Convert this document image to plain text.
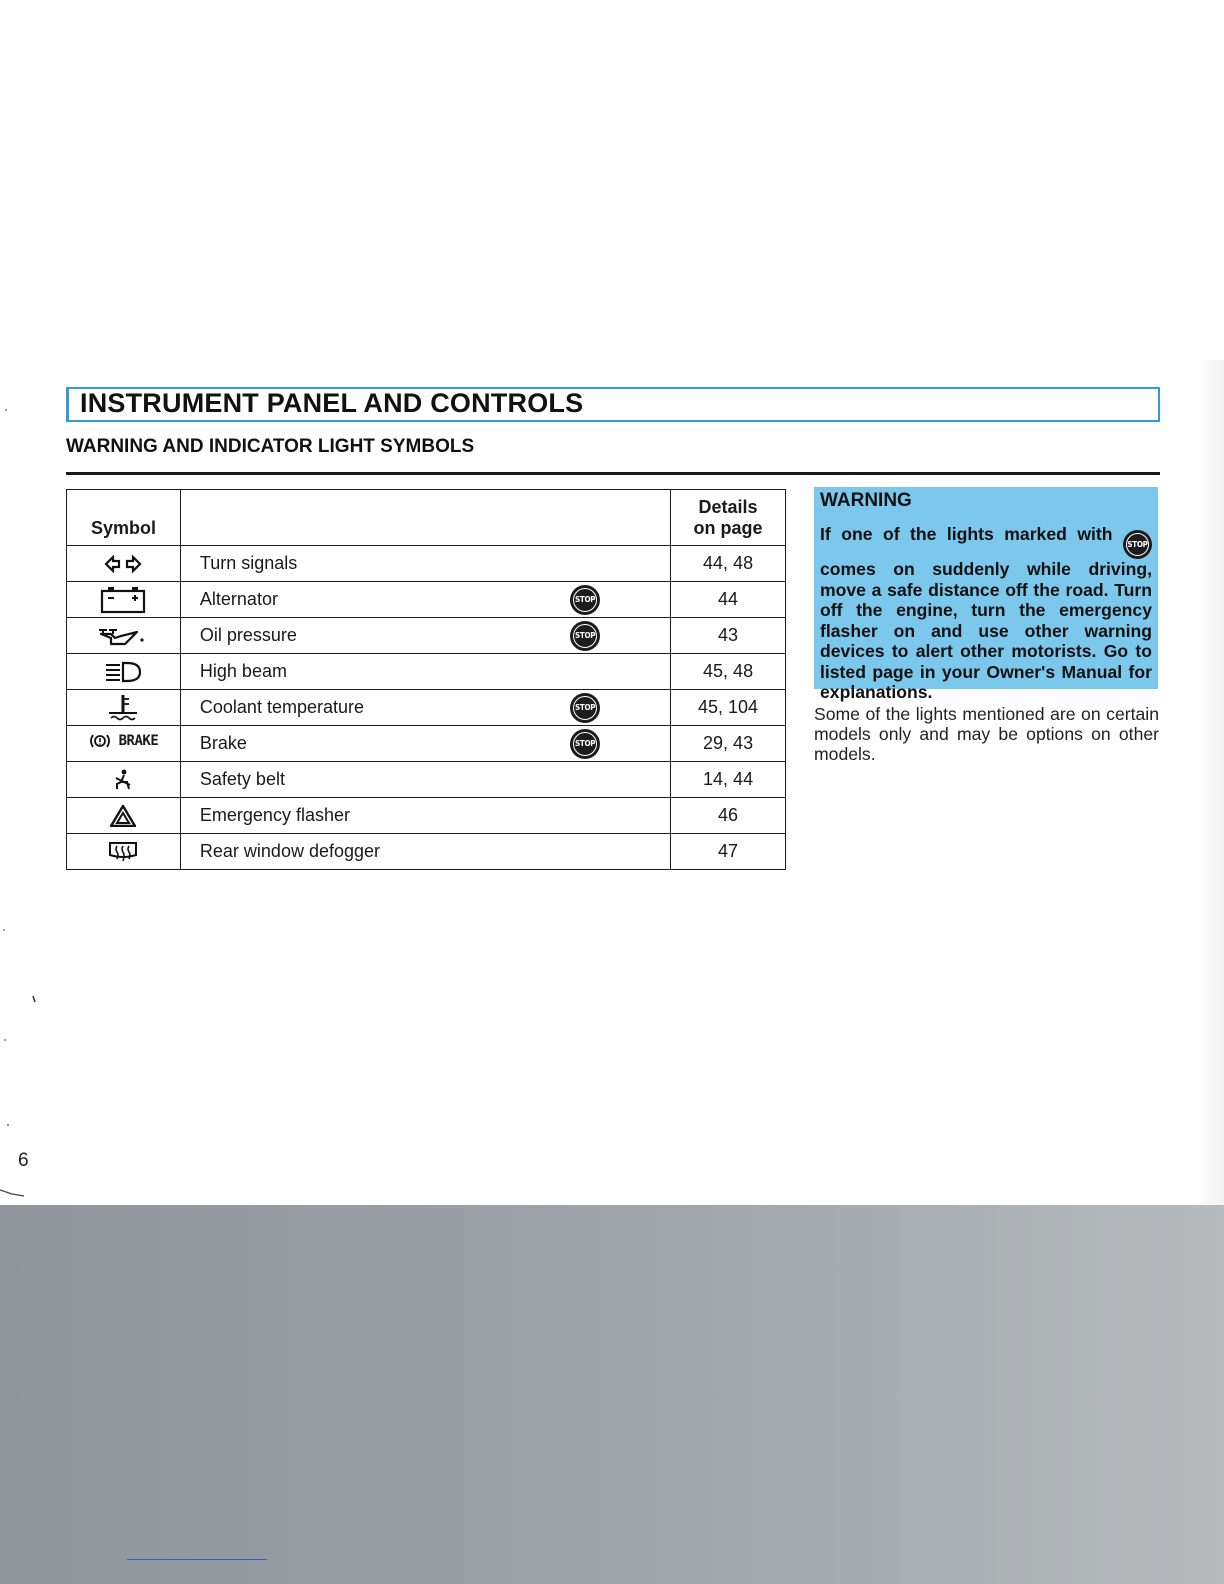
INSTRUMENT PANEL AND CONTROLS
WARNING AND INDICATOR LIGHT SYMBOLS
Symbol		Details
on page

	Turn signals	44, 48

	Alternator STOP	44

	Oil pressure STOP	43

	High beam	45, 48

	Coolant temperature STOP	45, 104

BRAKE	Brake STOP	29, 43

	Safety belt	14, 44

	Emergency flasher	46

	Rear window defogger	47
WARNING
If one of the lights marked with STOP comes on suddenly while driving, move a safe distance off the road. Turn off the engine, turn the emergency flasher on and use other warning devices to alert other motorists. Go to listed page in your Owner's Manual for explanations.
Some of the lights mentioned are on certain models only and may be options on other models.
6
